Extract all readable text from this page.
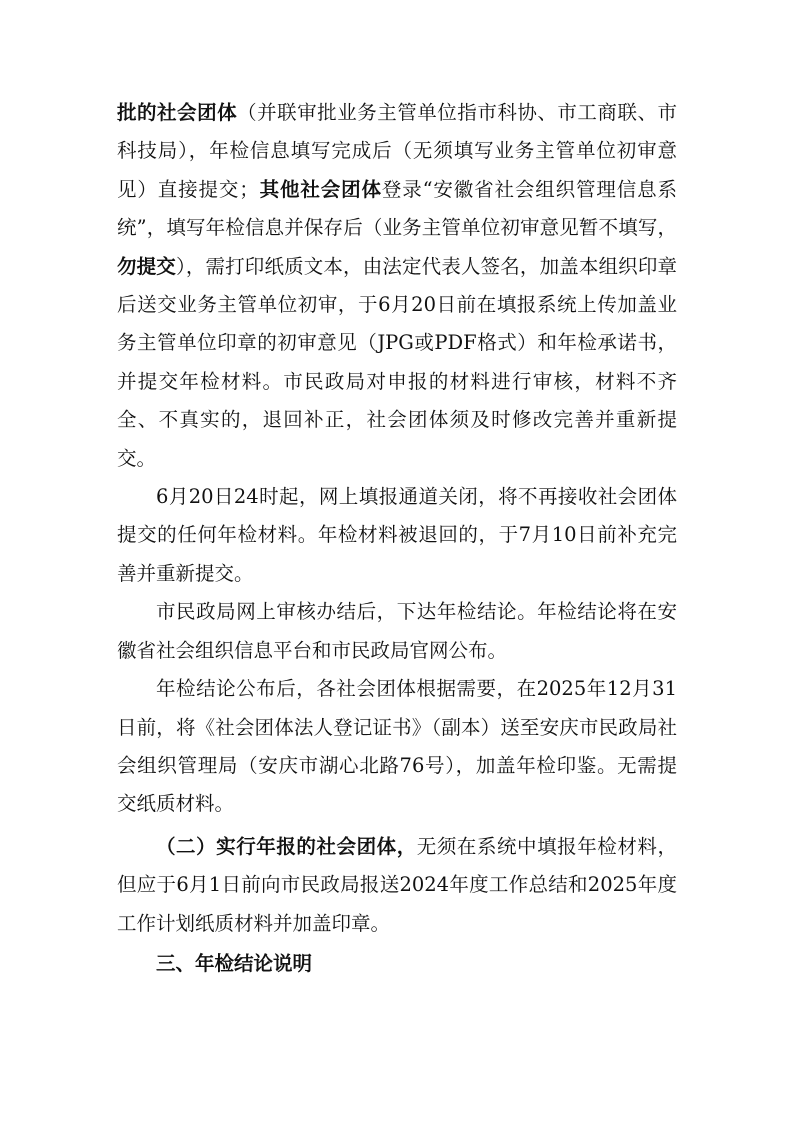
批的社会团体（并联审批业务主管单位指市科协、市工商联、市科技局），年检信息填写完成后（无须填写业务主管单位初审意见）直接提交；其他社会团体登录“安徽省社会组织管理信息系统”，填写年检信息并保存后（业务主管单位初审意见暂不填写，勿提交），需打印纸质文本，由法定代表人签名，加盖本组织印章后送交业务主管单位初审，于6月20日前在填报系统上传加盖业务主管单位印章的初审意见（JPG或PDF格式）和年检承诺书，并提交年检材料。市民政局对申报的材料进行审核，材料不齐全、不真实的，退回补正，社会团体须及时修改完善并重新提交。

6月20日24时起，网上填报通道关闭，将不再接收社会团体提交的任何年检材料。年检材料被退回的，于7月10日前补充完善并重新提交。

市民政局网上审核办结后，下达年检结论。年检结论将在安徽省社会组织信息平台和市民政局官网公布。

年检结论公布后，各社会团体根据需要，在2025年12月31日前，将《社会团体法人登记证书》（副本）送至安庆市民政局社会组织管理局（安庆市湖心北路76号），加盖年检印鉴。无需提交纸质材料。

（二）实行年报的社会团体，无须在系统中填报年检材料，但应于6月1日前向市民政局报送2024年度工作总结和2025年度工作计划纸质材料并加盖印章。

三、年检结论说明
